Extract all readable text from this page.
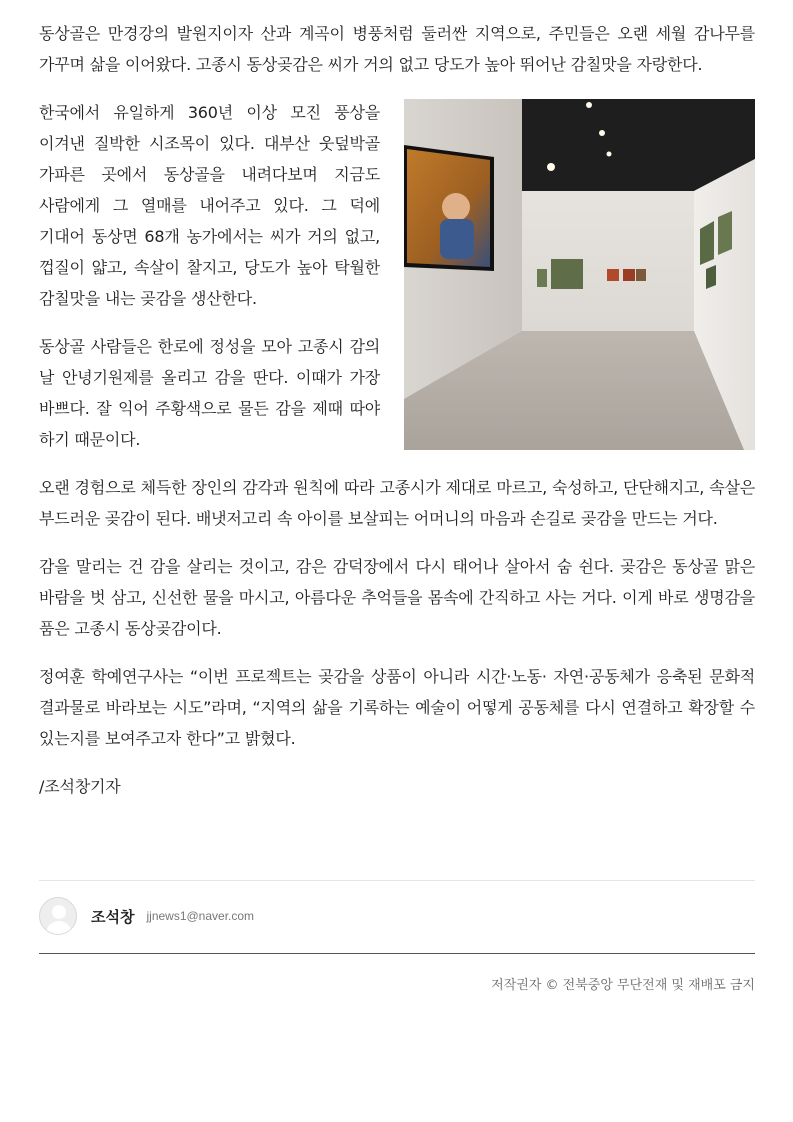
동상골은 만경강의 발원지이자 산과 계곡이 병풍처럼 둘러싼 지역으로, 주민들은 오랜 세월 감나무를 가꾸며 삶을 이어왔다. 고종시 동상곶감은 씨가 거의 없고 당도가 높아 뛰어난 감칠맛을 자랑한다.

한국에서 유일하게 360년 이상 모진 풍상을 이겨낸 질박한 시조목이 있다. 대부산 웃덮박골 가파른 곳에서 동상골을 내려다보며 지금도 사람에게 그 열매를 내어주고 있다. 그 덕에 기대어 동상면 68개 농가에서는 씨가 거의 없고, 껍질이 얇고, 속살이 찰지고, 당도가 높아 탁월한 감칠맛을 내는 곶감을 생산한다.

동상골 사람들은 한로에 정성을 모아 고종시 감의 날 안녕기원제를 올리고 감을 딴다. 이때가 가장 바쁘다. 잘 익어 주황색으로 물든 감을 제때 따야 하기 때문이다.

오랜 경험으로 체득한 장인의 감각과 원칙에 따라 고종시가 제대로 마르고, 숙성하고, 단단해지고, 속살은 부드러운 곶감이 된다. 배냇저고리 속 아이를 보살피는 어머니의 마음과 손길로 곶감을 만드는 거다.

감을 말리는 건 감을 살리는 것이고, 감은 감덕장에서 다시 태어나 살아서 숨 쉰다. 곶감은 동상골 맑은 바람을 벗 삼고, 신선한 물을 마시고, 아름다운 추억들을 몸속에 간직하고 사는 거다. 이게 바로 생명감을 품은 고종시 동상곶감이다.

정여훈 학예연구사는 “이번 프로젝트는 곶감을 상품이 아니라 시간·노동· 자연·공동체가 응축된 문화적 결과물로 바라보는 시도”라며, “지역의 삶을 기록하는 예술이 어떻게 공동체를 다시 연결하고 확장할 수 있는지를 보여주고자 한다”고 밝혔다.

/조석창기자

조석창 jjnews1@naver.com
저작권자 © 전북중앙 무단전재 및 재배포 금지
